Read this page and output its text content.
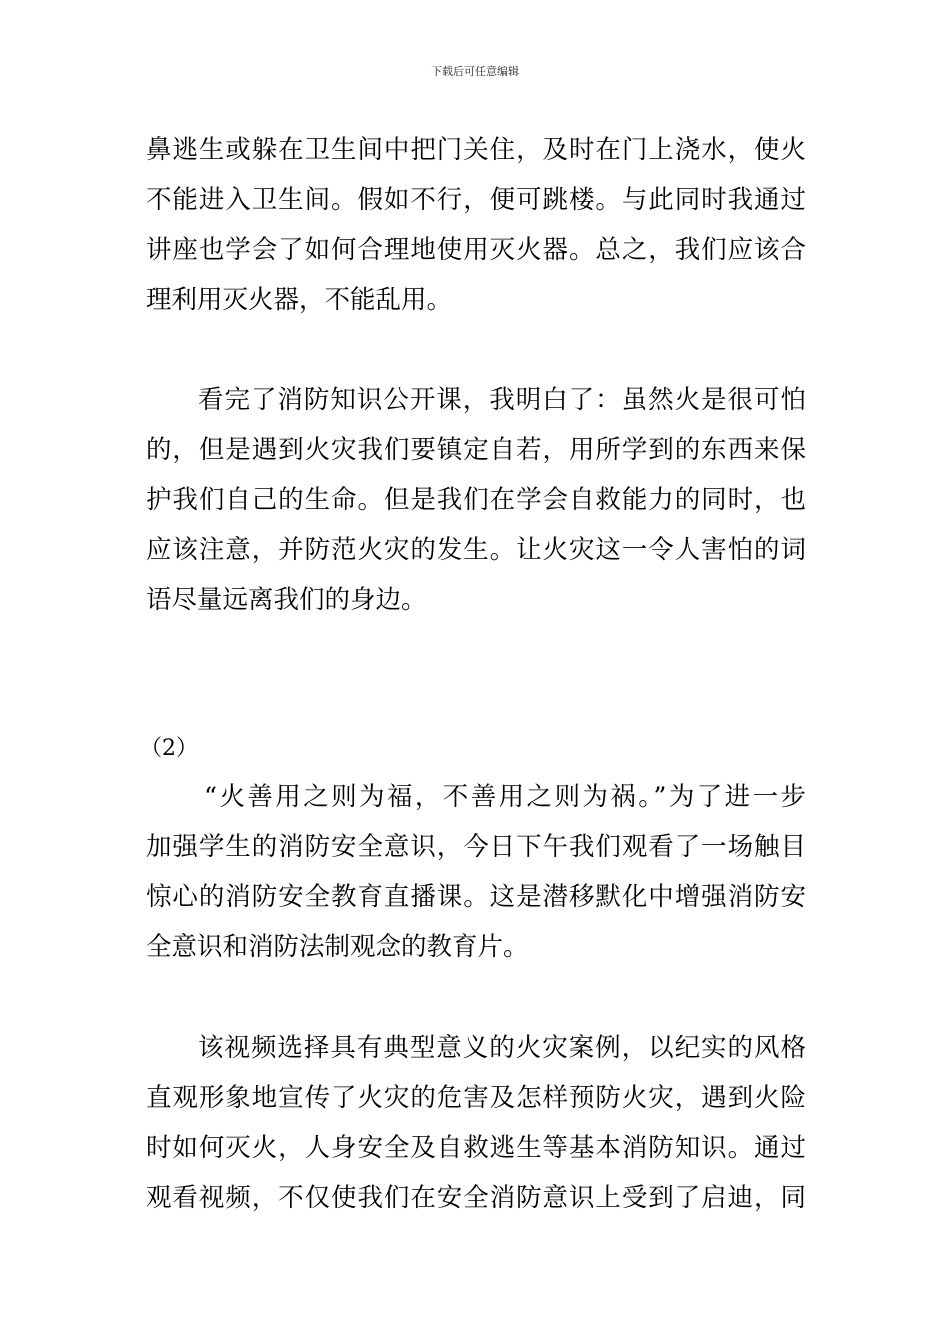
下载后可任意编辑
鼻逃生或躲在卫生间中把门关住，及时在门上浇水，使火
不能进入卫生间。假如不行，便可跳楼。与此同时我通过
讲座也学会了如何合理地使用灭火器。总之，我们应该合
理利用灭火器，不能乱用。
看完了消防知识公开课，我明白了：虽然火是很可怕
的，但是遇到火灾我们要镇定自若，用所学到的东西来保
护我们自己的生命。但是我们在学会自救能力的同时，也
应该注意，并防范火灾的发生。让火灾这一令人害怕的词
语尽量远离我们的身边。
（2）
“火善用之则为福，不善用之则为祸。”为了进一步
加强学生的消防安全意识，今日下午我们观看了一场触目
惊心的消防安全教育直播课。这是潜移默化中增强消防安
全意识和消防法制观念的教育片。
该视频选择具有典型意义的火灾案例，以纪实的风格
直观形象地宣传了火灾的危害及怎样预防火灾，遇到火险
时如何灭火，人身安全及自救逃生等基本消防知识。通过
观看视频，不仅使我们在安全消防意识上受到了启迪，同
